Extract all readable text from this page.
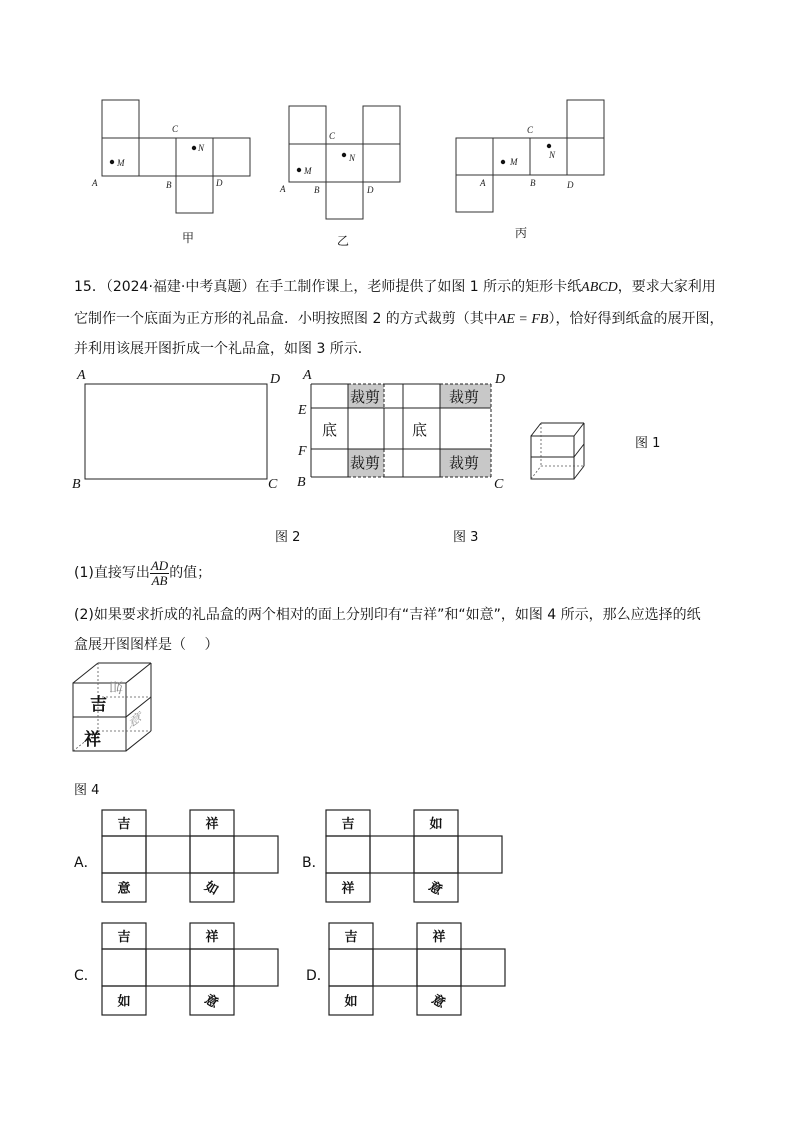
A	B
C
D
M
N
A	B
C
D
M
N
A	B
C
D
M
N
甲	乙
丙
15．（2024·福建·中考真题）在手工制作课上，老师提供了如图 1 所示的矩形卡纸ABCD，要求大家利用
它制作一个底面为正方形的礼品盒．小明按照图 2 的方式裁剪（其中AE = FB），恰好得到纸盒的展开图，
并利用该展开图折成一个礼品盒，如图 3 所示．
A	D
B	C
A	D
E
F
B	C
裁剪	裁剪
裁剪	裁剪
底	底
图 1
图 2	图 3
(1)直接写出 $\frac{AD}{AB}$ 的值；
(2)如果要求折成的礼品盒的两个相对的面上分别印有“吉祥”和“如意”，如图 4 所示，那么应选择的纸
盒展开图图样是（　 ）
如
吉
意
祥
图 4
吉	祥
意	如
吉	如
祥	意
吉	祥
如	意
吉	祥
如	意
A．	B．
C．	D．
